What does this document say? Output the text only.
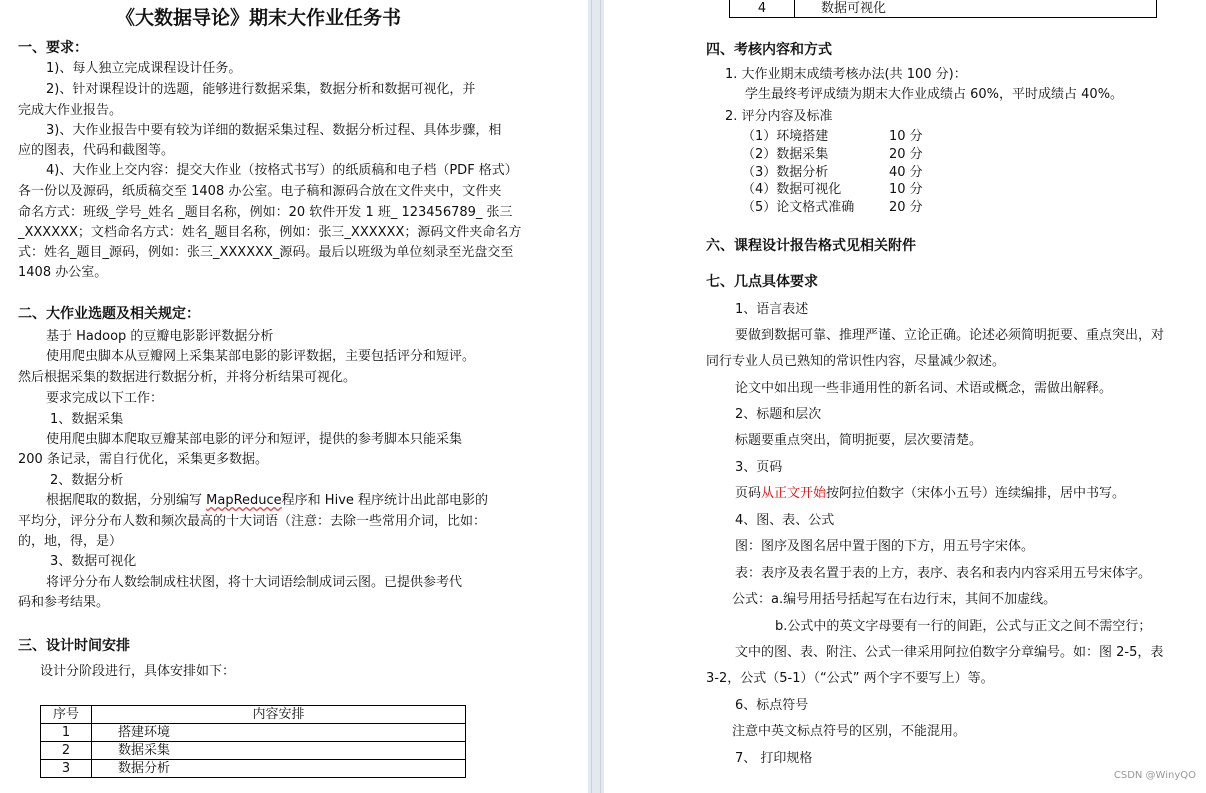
《大数据导论》期末大作业任务书
一、要求：
1)、每人独立完成课程设计任务。
2)、针对课程设计的选题，能够进行数据采集，数据分析和数据可视化，并
完成大作业报告。
3)、大作业报告中要有较为详细的数据采集过程、数据分析过程、具体步骤，相
应的图表，代码和截图等。
4)、大作业上交内容：提交大作业（按格式书写）的纸质稿和电子档（PDF 格式）
各一份以及源码，纸质稿交至 1408 办公室。电子稿和源码合放在文件夹中，文件夹
命名方式：班级_学号_姓名 _题目名称，例如：20 软件开发 1 班_ 123456789_ 张三
_XXXXXX；文档命名方式：姓名_题目名称，例如：张三_XXXXXX；源码文件夹命名方
式：姓名_题目_源码，例如：张三_XXXXXX_源码。最后以班级为单位刻录至光盘交至
1408 办公室。
二、大作业选题及相关规定：
基于 Hadoop 的豆瓣电影影评数据分析
使用爬虫脚本从豆瓣网上采集某部电影的影评数据，主要包括评分和短评。
然后根据采集的数据进行数据分析，并将分析结果可视化。
要求完成以下工作：
1、数据采集
使用爬虫脚本爬取豆瓣某部电影的评分和短评，提供的参考脚本只能采集
200 条记录，需自行优化，采集更多数据。
2、数据分析
根据爬取的数据，分别编写 MapReduce程序和 Hive 程序统计出此部电影的
平均分，评分分布人数和频次最高的十大词语（注意：去除一些常用介词，比如：
的，地，得，是）
3、数据可视化
将评分分布人数绘制成柱状图，将十大词语绘制成词云图。已提供参考代
码和参考结果。
三、设计时间安排
设计分阶段进行，具体安排如下：
序号	内容安排
1	搭建环境
2	数据采集
3	数据分析
4	数据可视化
四、考核内容和方式
1. 大作业期末成绩考核办法(共 100 分)：
学生最终考评成绩为期末大作业成绩占 60%，平时成绩占 40%。
2. 评分内容及标准
（1）环境搭建	10 分
（2）数据采集	20 分
（3）数据分析	40 分
（4）数据可视化	10 分
（5）论文格式准确	20 分
六、课程设计报告格式见相关附件
七、几点具体要求
1、语言表述
要做到数据可靠、推理严谨、立论正确。论述必须简明扼要、重点突出，对
同行专业人员已熟知的常识性内容，尽量减少叙述。
论文中如出现一些非通用性的新名词、术语或概念，需做出解释。
2、标题和层次
标题要重点突出，简明扼要，层次要清楚。
3、页码
页码从正文开始按阿拉伯数字（宋体小五号）连续编排，居中书写。
4、图、表、公式
图：图序及图名居中置于图的下方，用五号字宋体。
表：表序及表名置于表的上方，表序、表名和表内内容采用五号宋体字。
公式：a.编号用括号括起写在右边行末，其间不加虚线。
b.公式中的英文字母要有一行的间距，公式与正文之间不需空行；
文中的图、表、附注、公式一律采用阿拉伯数字分章编号。如：图 2-5，表
3-2，公式（5-1）（“公式” 两个字不要写上）等。
6、标点符号
注意中英文标点符号的区别，不能混用。
7、 打印规格
CSDN @WinyQO
